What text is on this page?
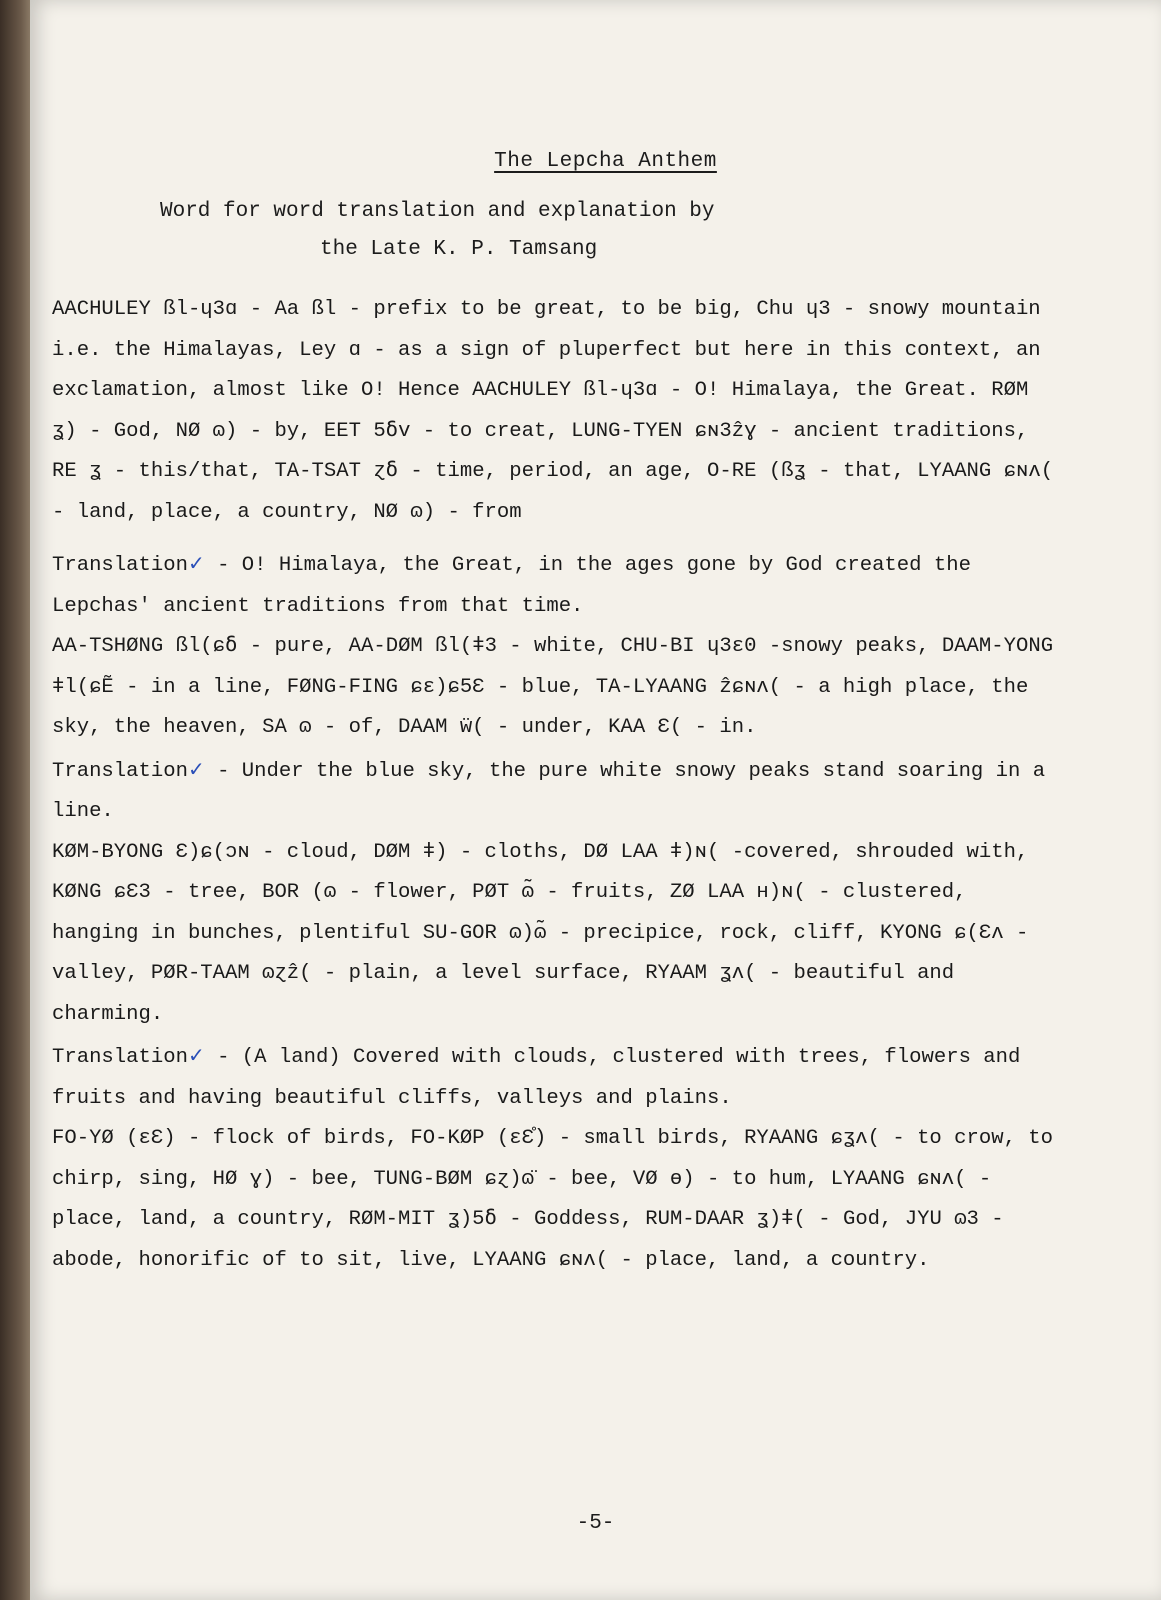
The Lepcha Anthem
Word for word translation and explanation by
the Late K. P. Tamsang

AACHULEY ßl-ɥ3ɑ - Aa ßl - prefix to be great, to be big, Chu ɥ3 - snowy mountain i.e. the Himalayas, Ley ɑ - as a sign of pluperfect but here in this context, an exclamation, almost like O! Hence AACHULEY ßl-ɥ3ɑ - O! Himalaya, the Great. RØM ʓ) - God, NØ ɷ) - by, EET 5ẟv - to creat, LUNG-TYEN ɕɴ3ẑɣ - ancient traditions, RE ʓ - this/that, TA-TSAT ɀẟ - time, period, an age, O-RE (ßʓ - that, LYAANG ɕɴʌ( - land, place, a country, NØ ɷ) - from

Translation✓ - O! Himalaya, the Great, in the ages gone by God created the Lepchas' ancient traditions from that time.

AA-TSHØNG ßl(ɕẟ - pure, AA-DØM ßl(ǂ3 - white, CHU-BI ɥ3ɛ0 -snowy peaks, DAAM-YONG ǂl(ɕẼ - in a line, FØNG-FING ɕɛ)ɕ5Ɛ - blue, TA-LYAANG ẑɕɴʌ( - a high place, the sky, the heaven, SA ɷ - of, DAAM ẅ( - under, KAA Ɛ( - in.

Translation✓ - Under the blue sky, the pure white snowy peaks stand soaring in a line.

KØM-BYONG Ɛ)ɕ(ɔɴ - cloud, DØM ǂ) - cloths, DØ LAA ǂ)ɴ( -covered, shrouded with, KØNG ɕƐ3 - tree, BOR (ɷ - flower, PØT ɷ̃ - fruits, ZØ LAA ʜ)ɴ( - clustered, hanging in bunches, plentiful SU-GOR ɷ)ɷ̃ - precipice, rock, cliff, KYONG ɕ(Ɛʌ - valley, PØR-TAAM ɷɀẑ( - plain, a level surface, RYAAM ʓʌ( - beautiful and charming.

Translation✓ - (A land) Covered with clouds, clustered with trees, flowers and fruits and having beautiful cliffs, valleys and plains.

FO-YØ (ɛƐ) - flock of birds, FO-KØP (ɛƐ̊) - small birds, RYAANG ɕʓʌ( - to crow, to chirp, sing, HØ ɣ) - bee, TUNG-BØM ɕɀ)ɷ̈ - bee, VØ ɵ) - to hum, LYAANG ɕɴʌ( - place, land, a country, RØM-MIT ʓ)5ẟ - Goddess, RUM-DAAR ʓ)ǂ( - God, JYU ɷ3 - abode, honorific of to sit, live, LYAANG ɕɴʌ( - place, land, a country.

-5-
